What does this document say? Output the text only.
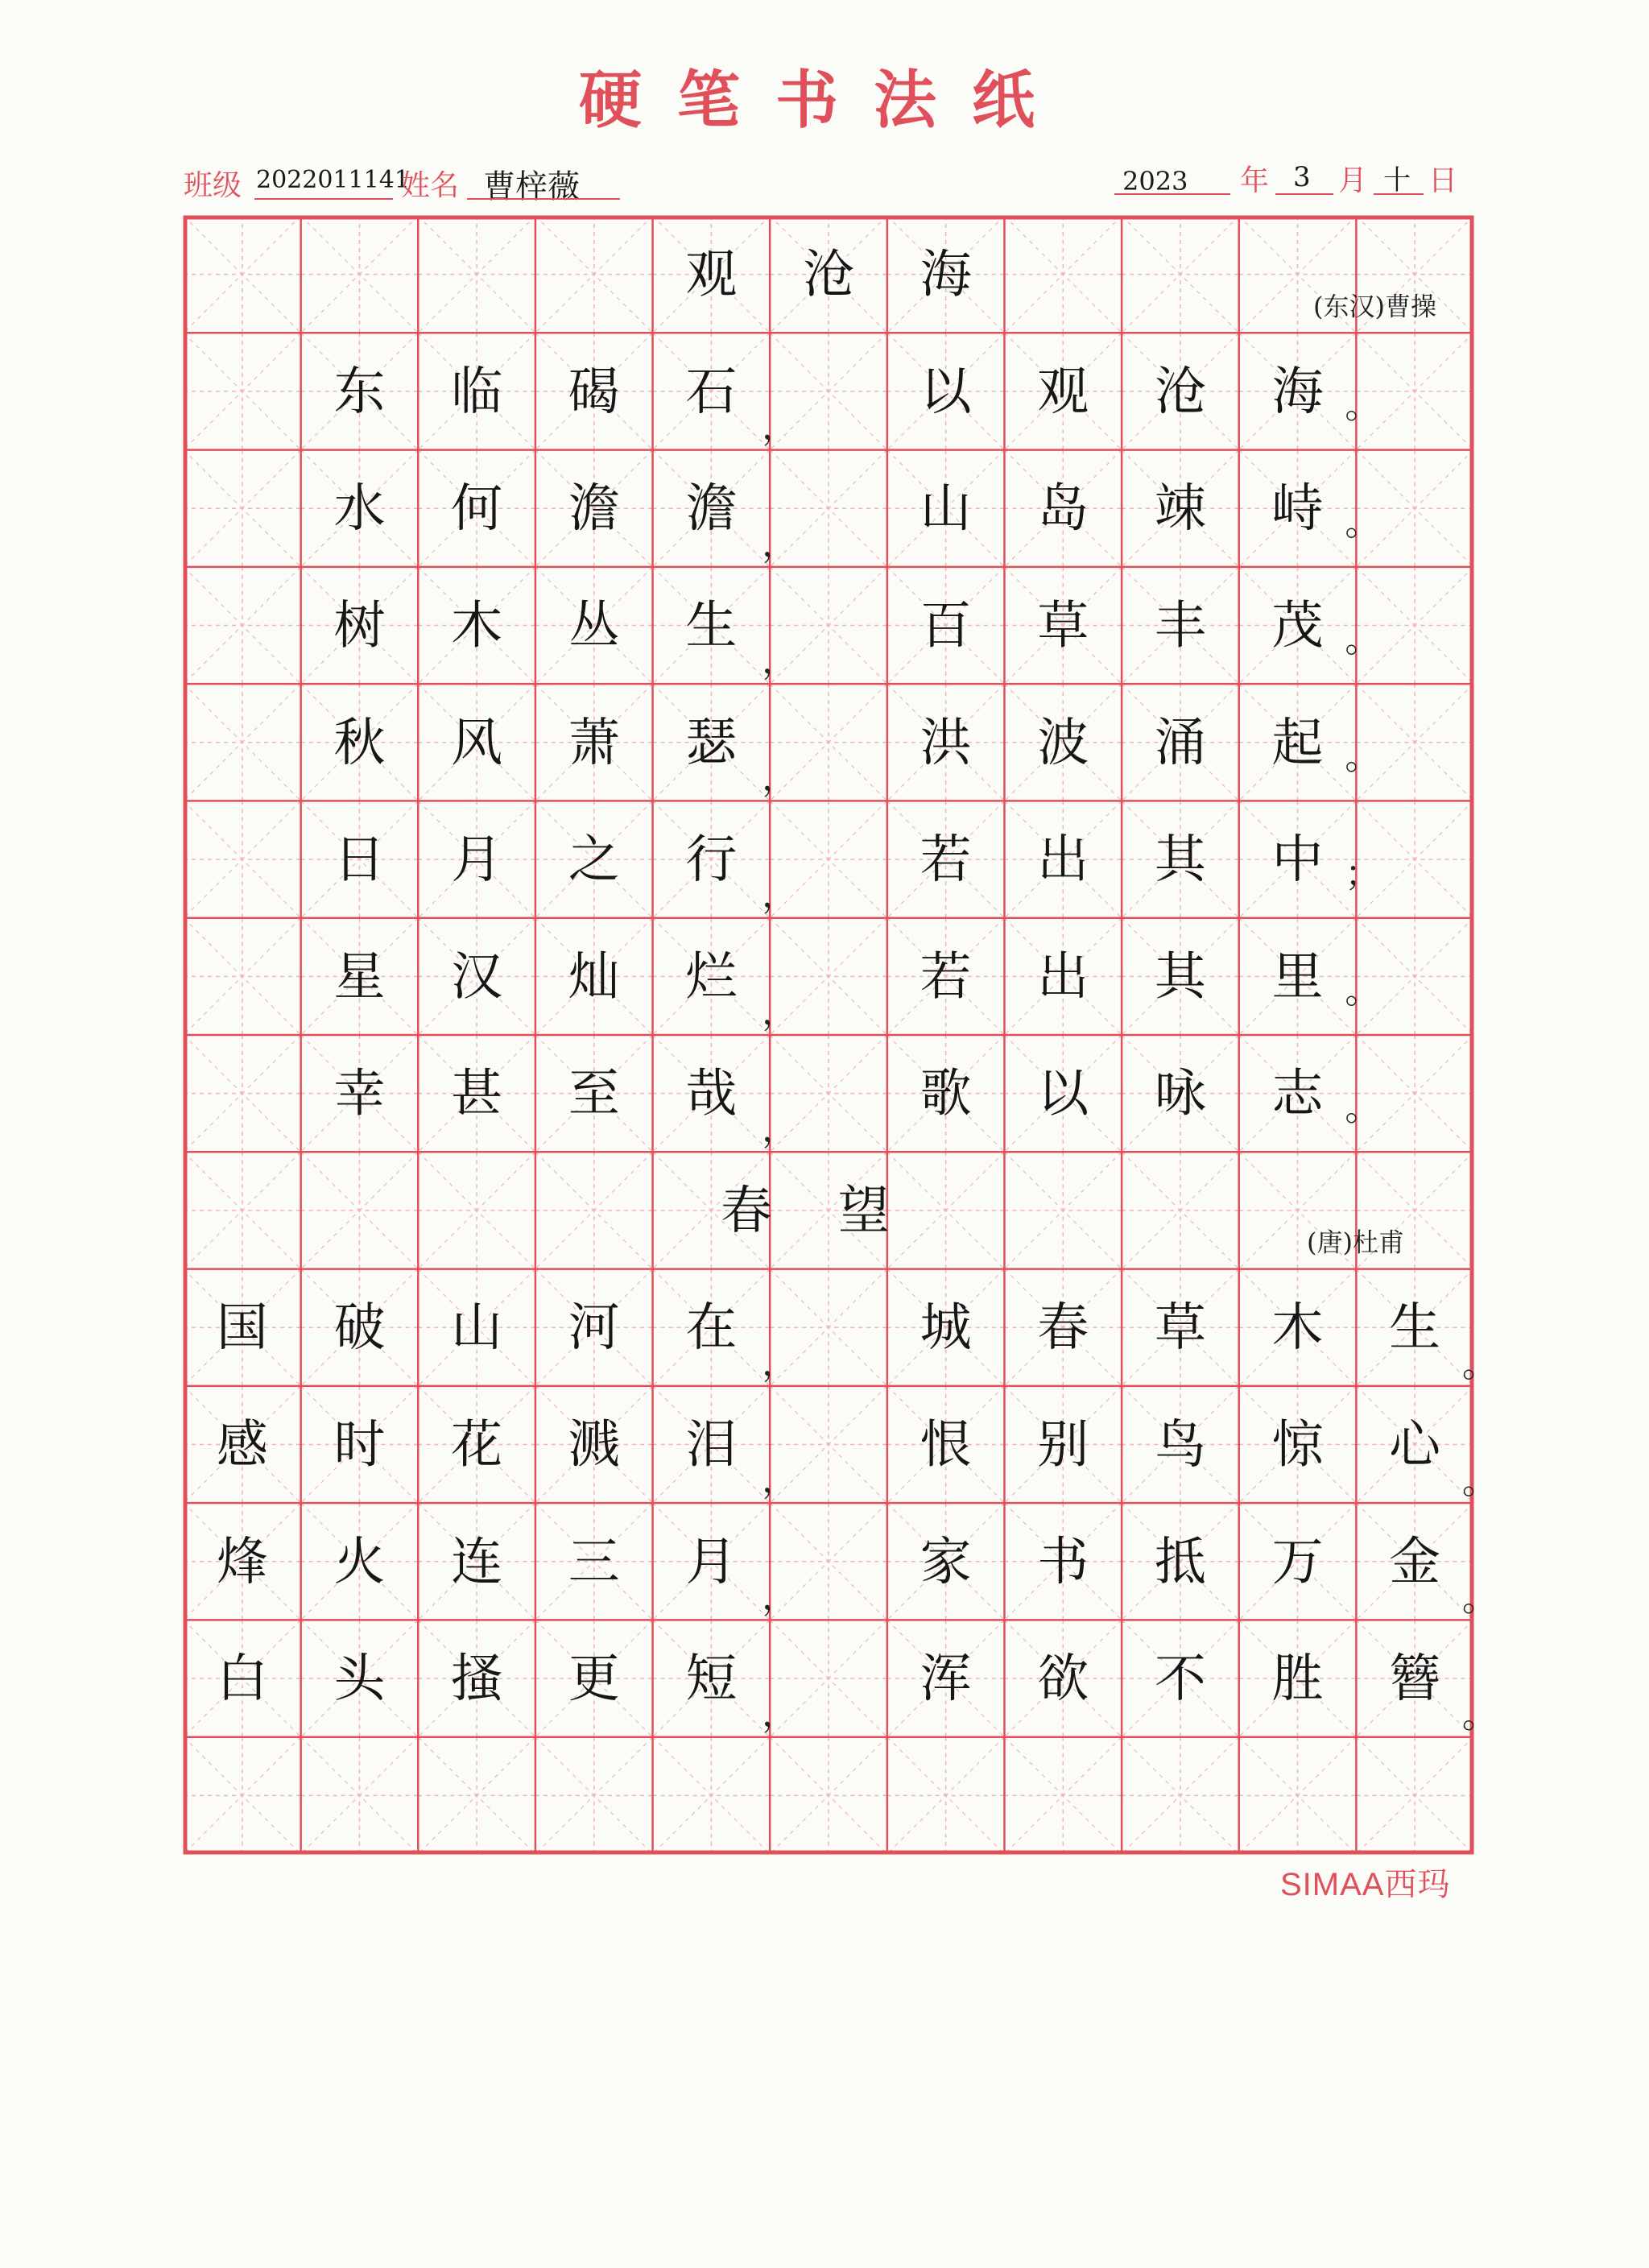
硬笔书法纸
班级 2022011141
姓名 曹梓薇	2023 年 3 月 十 日
观 沧 海
(东汉)曹操
东 临 碣 石
，
以 观 沧 海 。
水 何 澹 澹
，
山 岛 竦 峙 。
树 木 丛 生
，
百 草 丰 茂 。
秋 风 萧 瑟
，
洪 波 涌 起 。
日 月 之 行
，
若 出 其 中 ；
星 汉 灿 烂
，
若 出 其 里 。
幸 甚 至 哉
，
歌 以 咏 志 。
春 望
(唐)杜甫
国 破 山 河 在
，
城 春 草 木 生
。
感 时 花 溅 泪
，
恨 别 鸟 惊 心
。
烽 火 连 三 月
，
家 书 抵 万 金
。
白 头 搔 更 短
，
浑 欲 不 胜 簪
。
SIMAA西玛
